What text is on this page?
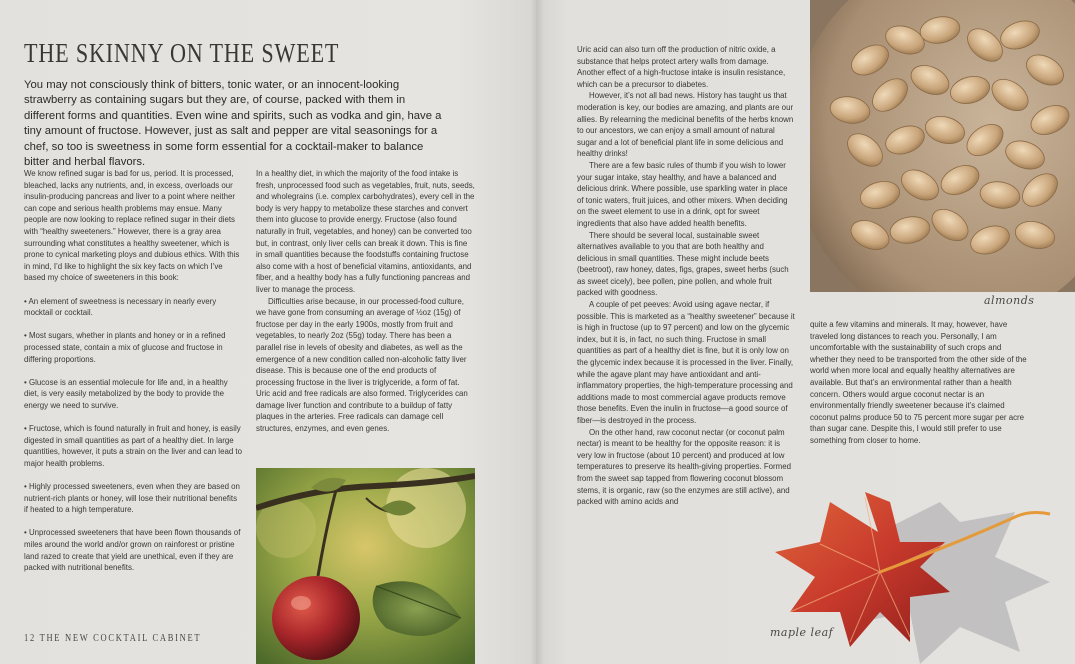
THE SKINNY ON THE SWEET

You may not consciously think of bitters, tonic water, or an innocent-looking strawberry as containing sugars but they are, of course, packed with them in different forms and quantities. Even wine and spirits, such as vodka and gin, have a tiny amount of fructose. However, just as salt and pepper are vital seasonings for a chef, so too is sweetness in some form essential for a cocktail-maker to balance bitter and herbal flavors.

We know refined sugar is bad for us, period. It is processed, bleached, lacks any nutrients, and, in excess, overloads our insulin-producing pancreas and liver to a point where neither can cope and serious health problems may ensue. Many people are now looking to replace refined sugar in their diets with “healthy sweeteners.” However, there is a gray area surrounding what constitutes a healthy sweetener, which is prone to cynical marketing ploys and dubious ethics. With this in mind, I’d like to highlight the six key facts on which I’ve based my choice of sweeteners in this book:

• An element of sweetness is necessary in nearly every mocktail or cocktail.

• Most sugars, whether in plants and honey or in a refined processed state, contain a mix of glucose and fructose in differing proportions.

• Glucose is an essential molecule for life and, in a healthy diet, is very easily metabolized by the body to provide the energy we need to survive.

• Fructose, which is found naturally in fruit and honey, is easily digested in small quantities as part of a healthy diet. In large quantities, however, it puts a strain on the liver and can lead to major health problems.

• Highly processed sweeteners, even when they are based on nutrient-rich plants or honey, will lose their nutritional benefits if heated to a high temperature.

• Unprocessed sweeteners that have been flown thousands of miles around the world and/or grown on rainforest or pristine land razed to create that yield are unethical, even if they are packed with nutritional benefits.

In a healthy diet, in which the majority of the food intake is fresh, unprocessed food such as vegetables, fruit, nuts, seeds, and wholegrains (i.e. complex carbohydrates), every cell in the body is very happy to metabolize these starches and convert them into glucose to provide energy. Fructose (also found naturally in fruit, vegetables, and honey) can be converted too but, in contrast, only liver cells can break it down. This is fine in small quantities because the foodstuffs containing fructose also come with a host of beneficial vitamins, antioxidants, and fiber, and a healthy body has a fully functioning pancreas and liver to manage the process.

Difficulties arise because, in our processed-food culture, we have gone from consuming an average of ½oz (15g) of fructose per day in the early 1900s, mostly from fruit and vegetables, to nearly 2oz (55g) today. There has been a parallel rise in levels of obesity and diabetes, as well as the emergence of a new condition called non-alcoholic fatty liver disease. This is because one of the end products of processing fructose in the liver is triglyceride, a form of fat. Uric acid and free radicals are also formed. Triglycerides can damage liver function and contribute to a buildup of fatty plaques in the arteries. Free radicals can damage cell structures, enzymes, and even genes.

Uric acid can also turn off the production of nitric oxide, a substance that helps protect artery walls from damage. Another effect of a high-fructose intake is insulin resistance, which can be a precursor to diabetes.

However, it’s not all bad news. History has taught us that moderation is key, our bodies are amazing, and plants are our allies. By relearning the medicinal benefits of the herbs known to our ancestors, we can enjoy a small amount of natural sugar and a lot of beneficial plant life in some delicious and healthy drinks!

There are a few basic rules of thumb if you wish to lower your sugar intake, stay healthy, and have a balanced and delicious drink. Where possible, use sparkling water in place of tonic waters, fruit juices, and other mixers. When deciding on the sweet element to use in a drink, opt for sweet ingredients that also have added health benefits.

There should be several local, sustainable sweet alternatives available to you that are both healthy and delicious in small quantities. These might include beets (beetroot), raw honey, dates, figs, grapes, sweet herbs (such as sweet cicely), bee pollen, pine pollen, and whole fruit packed with goodness.

A couple of pet peeves: Avoid using agave nectar, if possible. This is marketed as a “healthy sweetener” because it is high in fructose (up to 97 percent) and low on the glycemic index, but it is, in fact, no such thing. Fructose in small quantities as part of a healthy diet is fine, but it is only low on the glycemic index because it is processed in the liver. Finally, while the agave plant may have antioxidant and anti-inflammatory properties, the high-temperature processing and additions made to most commercial agave products remove those benefits. Even the inulin in fructose—a good source of fiber—is destroyed in the process.

On the other hand, raw coconut nectar (or coconut palm nectar) is meant to be healthy for the opposite reason: it is very low in fructose (about 10 percent) and produced at low temperatures to preserve its health-giving properties. Formed from the sweet sap tapped from flowering coconut blossom stems, it is organic, raw (so the enzymes are still active), and packed with amino acids and

quite a few vitamins and minerals. It may, however, have traveled long distances to reach you. Personally, I am uncomfortable with the sustainability of such crops and whether they need to be transported from the other side of the world when more local and equally healthy alternatives are available. But that’s an environmental rather than a health concern. Others would argue coconut nectar is an environmentally friendly sweetener because it’s claimed coconut palms produce 50 to 75 percent more sugar per acre than sugar cane. Despite this, I would still prefer to use something from closer to home.

almonds
maple leaf
12 THE NEW COCKTAIL CABINET
